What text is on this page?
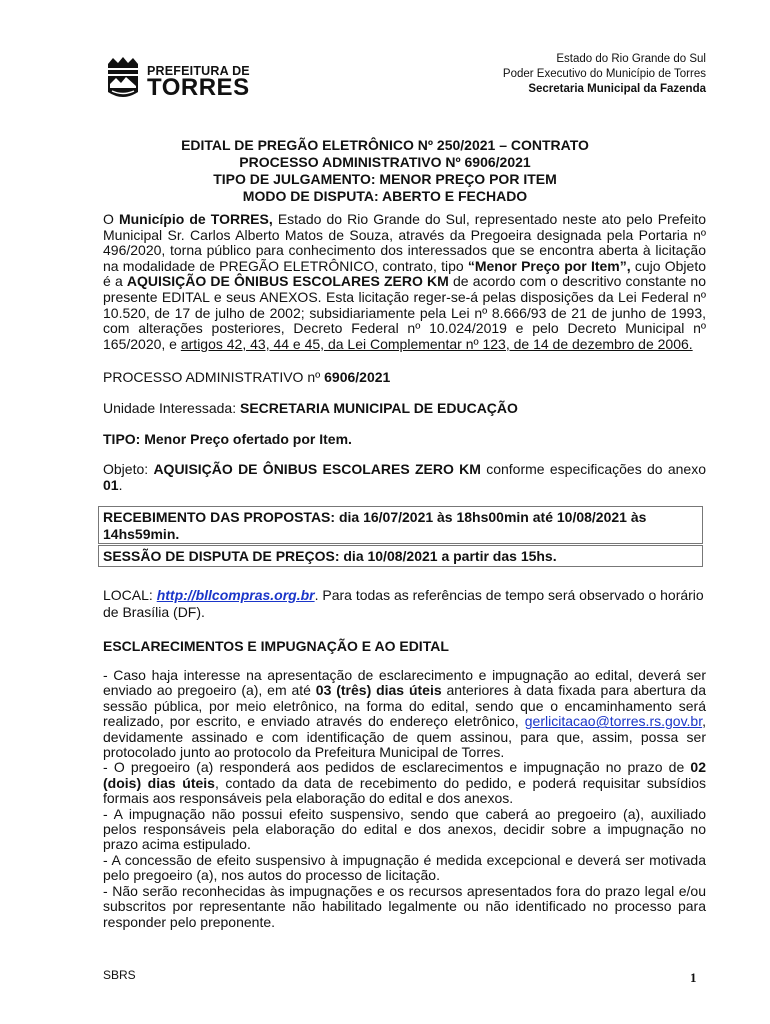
PREFEITURA DE
TORRES
Estado do Rio Grande do Sul
Poder Executivo do Município de Torres
Secretaria Municipal da Fazenda
EDITAL DE PREGÃO ELETRÔNICO Nº 250/2021 – CONTRATO
PROCESSO ADMINISTRATIVO Nº 6906/2021
TIPO DE JULGAMENTO: MENOR PREÇO POR ITEM
MODO DE DISPUTA: ABERTO E FECHADO
O Município de TORRES, Estado do Rio Grande do Sul, representado neste ato pelo Prefeito Municipal Sr. Carlos Alberto Matos de Souza, através da Pregoeira designada pela Portaria nº 496/2020, torna público para conhecimento dos interessados que se encontra aberta à licitação na modalidade de PREGÃO ELETRÔNICO, contrato, tipo “Menor Preço por Item”, cujo Objeto é a AQUISIÇÃO DE ÔNIBUS ESCOLARES ZERO KM de acordo com o descritivo constante no presente EDITAL e seus ANEXOS. Esta licitação reger-se-á pelas disposições da Lei Federal nº 10.520, de 17 de julho de 2002; subsidiariamente pela Lei nº 8.666/93 de 21 de junho de 1993, com alterações posteriores, Decreto Federal nº 10.024/2019 e pelo Decreto Municipal nº 165/2020, e artigos 42, 43, 44 e 45, da Lei Complementar nº 123, de 14 de dezembro de 2006.
PROCESSO ADMINISTRATIVO nº 6906/2021
Unidade Interessada: SECRETARIA MUNICIPAL DE EDUCAÇÃO
TIPO: Menor Preço ofertado por Item.
Objeto: AQUISIÇÃO DE ÔNIBUS ESCOLARES ZERO KM conforme especificações do anexo 01.
RECEBIMENTO DAS PROPOSTAS: dia 16/07/2021 às 18hs00min até 10/08/2021 às 14hs59min.
SESSÃO DE DISPUTA DE PREÇOS: dia 10/08/2021 a partir das 15hs.
LOCAL: http://bllcompras.org.br. Para todas as referências de tempo será observado o horário de Brasília (DF).
ESCLARECIMENTOS E IMPUGNAÇÃO E AO EDITAL
- Caso haja interesse na apresentação de esclarecimento e impugnação ao edital, deverá ser enviado ao pregoeiro (a), em até 03 (três) dias úteis anteriores à data fixada para abertura da sessão pública, por meio eletrônico, na forma do edital, sendo que o encaminhamento será realizado, por escrito, e enviado através do endereço eletrônico, gerlicitacao@torres.rs.gov.br, devidamente assinado e com identificação de quem assinou, para que, assim, possa ser protocolado junto ao protocolo da Prefeitura Municipal de Torres.
- O pregoeiro (a) responderá aos pedidos de esclarecimentos e impugnação no prazo de 02 (dois) dias úteis, contado da data de recebimento do pedido, e poderá requisitar subsídios formais aos responsáveis pela elaboração do edital e dos anexos.
- A impugnação não possui efeito suspensivo, sendo que caberá ao pregoeiro (a), auxiliado pelos responsáveis pela elaboração do edital e dos anexos, decidir sobre a impugnação no prazo acima estipulado.
- A concessão de efeito suspensivo à impugnação é medida excepcional e deverá ser motivada pelo pregoeiro (a), nos autos do processo de licitação.
- Não serão reconhecidas às impugnações e os recursos apresentados fora do prazo legal e/ou subscritos por representante não habilitado legalmente ou não identificado no processo para responder pelo preponente.
SBRS	1
